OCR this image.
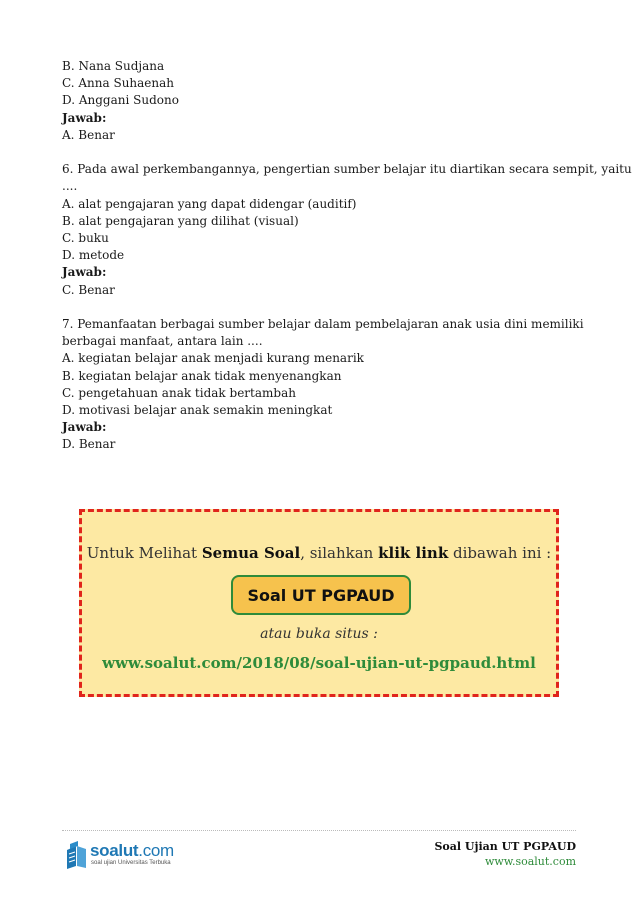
B. Nana Sudjana
C. Anna Suhaenah
D. Anggani Sudono
Jawab:
A. Benar
6. Pada awal perkembangannya, pengertian sumber belajar itu diartikan secara sempit, yaitu
....
A. alat pengajaran yang dapat didengar (auditif)
B. alat pengajaran yang dilihat (visual)
C. buku
D. metode
Jawab:
C. Benar
7. Pemanfaatan berbagai sumber belajar dalam pembelajaran anak usia dini memiliki
berbagai manfaat, antara lain ....
A. kegiatan belajar anak menjadi kurang menarik
B. kegiatan belajar anak tidak menyenangkan
C. pengetahuan anak tidak bertambah
D. motivasi belajar anak semakin meningkat
Jawab:
D. Benar
Untuk Melihat Semua Soal, silahkan klik link dibawah ini :
Soal UT PGPAUD
atau buka situs :
www.soalut.com/2018/08/soal-ujian-ut-pgpaud.html
soalut.com
soal ujian Universitas Terbuka
Soal Ujian UT PGPAUD
www.soalut.com
